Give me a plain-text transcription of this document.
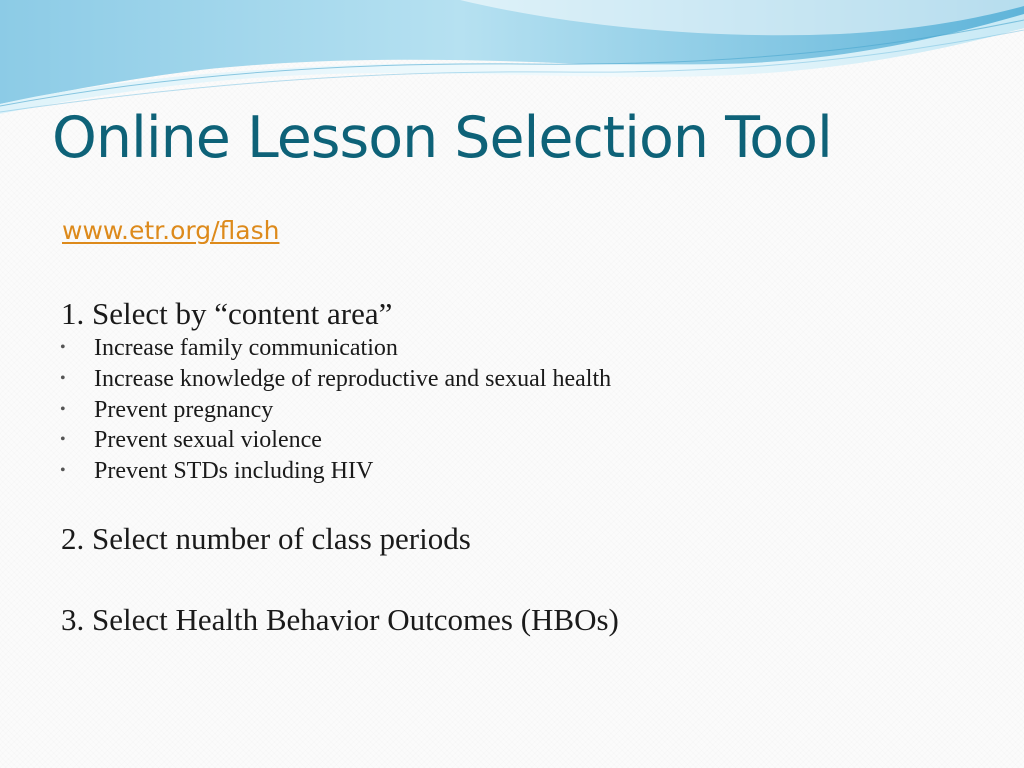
Online Lesson Selection Tool
www.etr.org/flash
1. Select by “content area”
• Increase family communication
• Increase knowledge of reproductive and sexual health
• Prevent pregnancy
• Prevent sexual violence
• Prevent STDs including HIV
2. Select number of class periods
3. Select Health Behavior Outcomes (HBOs)
